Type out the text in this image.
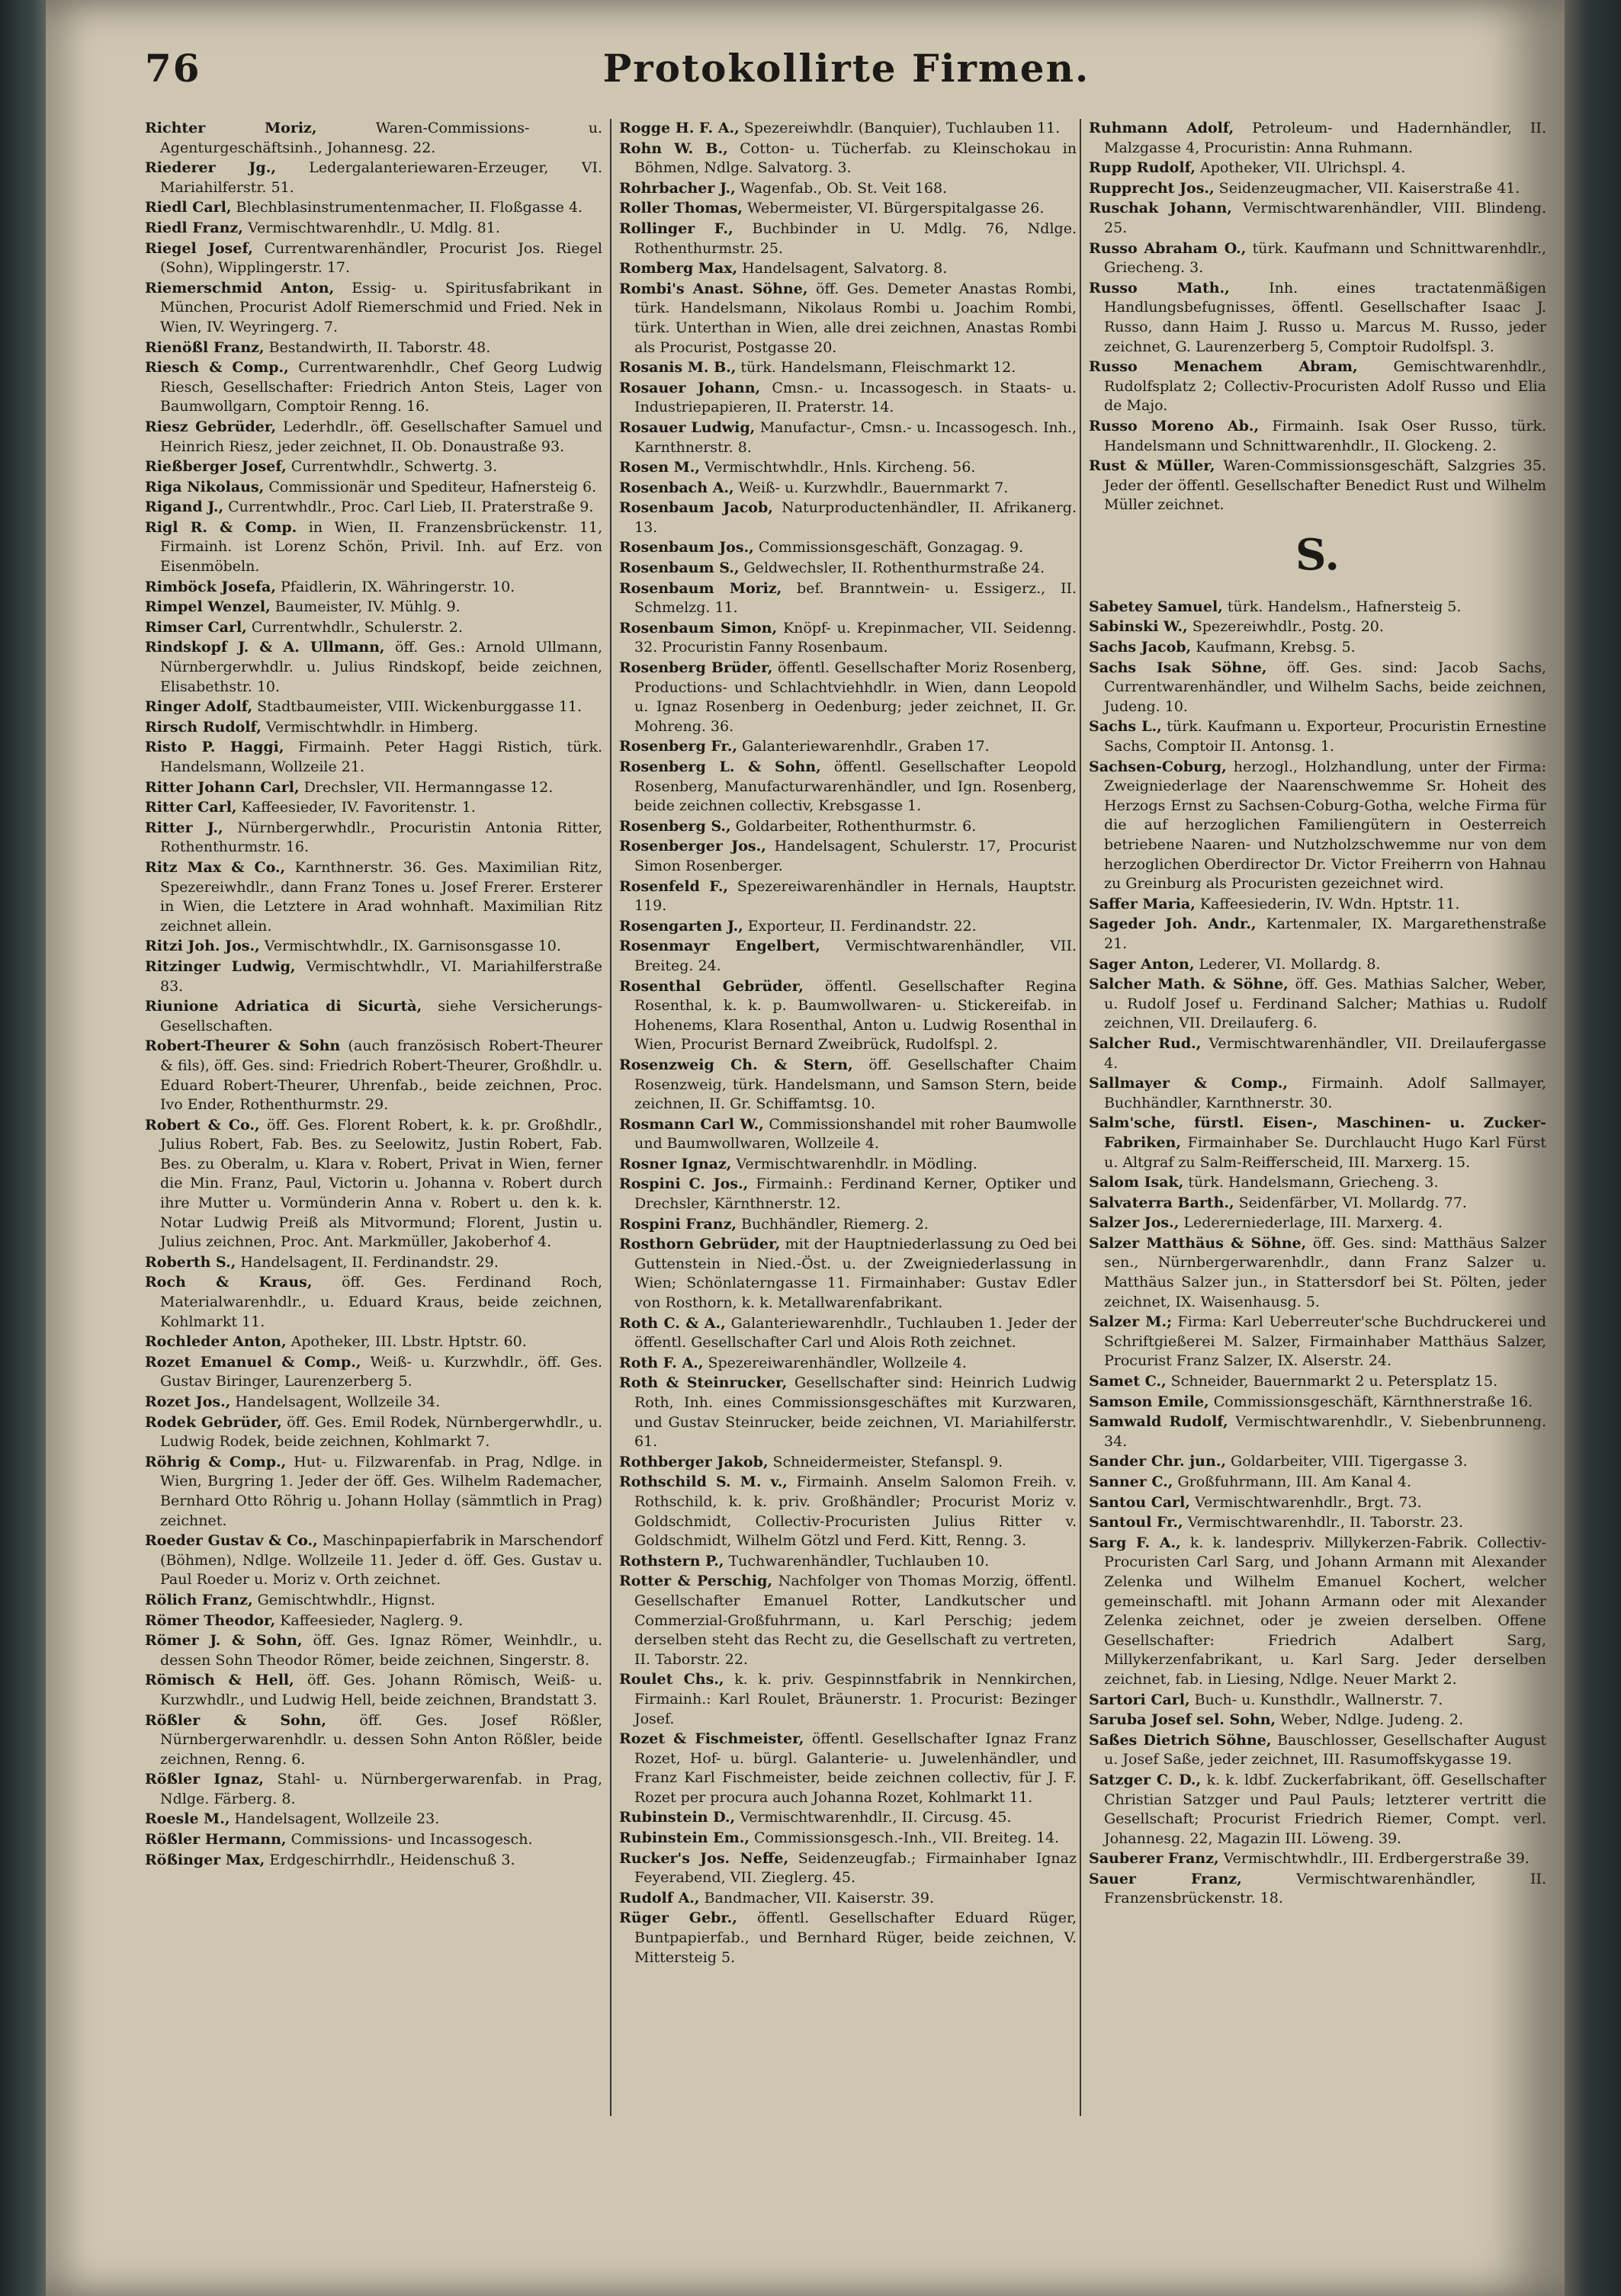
76	Protokollirte Firmen.

Richter Moriz, Waren-Commissions- u. Agenturgeschäftsinh., Johannesg. 22.

Riederer Jg., Ledergalanteriewaren-Erzeuger, VI. Mariahilferstr. 51.

Riedl Carl, Blechblasinstrumentenmacher, II. Floßgasse 4.

Riedl Franz, Vermischtwarenhdlr., U. Mdlg. 81.

Riegel Josef, Currentwarenhändler, Procurist Jos. Riegel (Sohn), Wipplingerstr. 17.

Riemerschmid Anton, Essig- u. Spiritusfabrikant in München, Procurist Adolf Riemerschmid und Fried. Nek in Wien, IV. Weyringerg. 7.

Rienößl Franz, Bestandwirth, II. Taborstr. 48.

Riesch & Comp., Currentwarenhdlr., Chef Georg Ludwig Riesch, Gesellschafter: Friedrich Anton Steis, Lager von Baumwollgarn, Comptoir Renng. 16.

Riesz Gebrüder, Lederhdlr., öff. Gesellschafter Samuel und Heinrich Riesz, jeder zeichnet, II. Ob. Donaustraße 93.

Rießberger Josef, Currentwhdlr., Schwertg. 3.

Riga Nikolaus, Commissionär und Spediteur, Hafnersteig 6.

Rigand J., Currentwhdlr., Proc. Carl Lieb, II. Praterstraße 9.

Rigl R. & Comp. in Wien, II. Franzensbrückenstr. 11, Firmainh. ist Lorenz Schön, Privil. Inh. auf Erz. von Eisenmöbeln.

Rimböck Josefa, Pfaidlerin, IX. Währingerstr. 10.

Rimpel Wenzel, Baumeister, IV. Mühlg. 9.

Rimser Carl, Currentwhdlr., Schulerstr. 2.

Rindskopf J. & A. Ullmann, öff. Ges.: Arnold Ullmann, Nürnbergerwhdlr. u. Julius Rindskopf, beide zeichnen, Elisabethstr. 10.

Ringer Adolf, Stadtbaumeister, VIII. Wickenburggasse 11.

Rirsch Rudolf, Vermischtwhdlr. in Himberg.

Risto P. Haggi, Firmainh. Peter Haggi Ristich, türk. Handelsmann, Wollzeile 21.

Ritter Johann Carl, Drechsler, VII. Hermanngasse 12.

Ritter Carl, Kaffeesieder, IV. Favoritenstr. 1.

Ritter J., Nürnbergerwhdlr., Procuristin Antonia Ritter, Rothenthurmstr. 16.

Ritz Max & Co., Karnthnerstr. 36. Ges. Maximilian Ritz, Spezereiwhdlr., dann Franz Tones u. Josef Frerer. Ersterer in Wien, die Letztere in Arad wohnhaft. Maximilian Ritz zeichnet allein.

Ritzi Joh. Jos., Vermischtwhdlr., IX. Garnisonsgasse 10.

Ritzinger Ludwig, Vermischtwhdlr., VI. Mariahilferstraße 83.

Riunione Adriatica di Sicurtà, siehe Versicherungs-Gesellschaften.

Robert-Theurer & Sohn (auch französisch Robert-Theurer & fils), öff. Ges. sind: Friedrich Robert-Theurer, Großhdlr. u. Eduard Robert-Theurer, Uhrenfab., beide zeichnen, Proc. Ivo Ender, Rothenthurmstr. 29.

Robert & Co., öff. Ges. Florent Robert, k. k. pr. Großhdlr., Julius Robert, Fab. Bes. zu Seelowitz, Justin Robert, Fab. Bes. zu Oberalm, u. Klara v. Robert, Privat in Wien, ferner die Min. Franz, Paul, Victorin u. Johanna v. Robert durch ihre Mutter u. Vormünderin Anna v. Robert u. den k. k. Notar Ludwig Preiß als Mitvormund; Florent, Justin u. Julius zeichnen, Proc. Ant. Markmüller, Jakoberhof 4.

Roberth S., Handelsagent, II. Ferdinandstr. 29.

Roch & Kraus, öff. Ges. Ferdinand Roch, Materialwarenhdlr., u. Eduard Kraus, beide zeichnen, Kohlmarkt 11.

Rochleder Anton, Apotheker, III. Lbstr. Hptstr. 60.

Rozet Emanuel & Comp., Weiß- u. Kurzwhdlr., öff. Ges. Gustav Biringer, Laurenzerberg 5.

Rozet Jos., Handelsagent, Wollzeile 34.

Rodek Gebrüder, öff. Ges. Emil Rodek, Nürnbergerwhdlr., u. Ludwig Rodek, beide zeichnen, Kohlmarkt 7.

Röhrig & Comp., Hut- u. Filzwarenfab. in Prag, Ndlge. in Wien, Burgring 1. Jeder der öff. Ges. Wilhelm Rademacher, Bernhard Otto Röhrig u. Johann Hollay (sämmtlich in Prag) zeichnet.

Roeder Gustav & Co., Maschinpapierfabrik in Marschendorf (Böhmen), Ndlge. Wollzeile 11. Jeder d. öff. Ges. Gustav u. Paul Roeder u. Moriz v. Orth zeichnet.

Rölich Franz, Gemischtwhdlr., Hignst.

Römer Theodor, Kaffeesieder, Naglerg. 9.

Römer J. & Sohn, öff. Ges. Ignaz Römer, Weinhdlr., u. dessen Sohn Theodor Römer, beide zeichnen, Singerstr. 8.

Römisch & Hell, öff. Ges. Johann Römisch, Weiß- u. Kurzwhdlr., und Ludwig Hell, beide zeichnen, Brandstatt 3.

Rößler & Sohn, öff. Ges. Josef Rößler, Nürnbergerwarenhdlr. u. dessen Sohn Anton Rößler, beide zeichnen, Renng. 6.

Rößler Ignaz, Stahl- u. Nürnbergerwarenfab. in Prag, Ndlge. Färberg. 8.

Roesle M., Handelsagent, Wollzeile 23.

Rößler Hermann, Commissions- und Incassogesch.

Rößinger Max, Erdgeschirrhdlr., Heidenschuß 3.

Rogge H. F. A., Spezereiwhdlr. (Banquier), Tuchlauben 11.

Rohn W. B., Cotton- u. Tücherfab. zu Kleinschokau in Böhmen, Ndlge. Salvatorg. 3.

Rohrbacher J., Wagenfab., Ob. St. Veit 168.

Roller Thomas, Webermeister, VI. Bürgerspitalgasse 26.

Rollinger F., Buchbinder in U. Mdlg. 76, Ndlge. Rothenthurmstr. 25.

Romberg Max, Handelsagent, Salvatorg. 8.

Rombi's Anast. Söhne, öff. Ges. Demeter Anastas Rombi, türk. Handelsmann, Nikolaus Rombi u. Joachim Rombi, türk. Unterthan in Wien, alle drei zeichnen, Anastas Rombi als Procurist, Postgasse 20.

Rosanis M. B., türk. Handelsmann, Fleischmarkt 12.

Rosauer Johann, Cmsn.- u. Incassogesch. in Staats- u. Industriepapieren, II. Praterstr. 14.

Rosauer Ludwig, Manufactur-, Cmsn.- u. Incassogesch. Inh., Karnthnerstr. 8.

Rosen M., Vermischtwhdlr., Hnls. Kircheng. 56.

Rosenbach A., Weiß- u. Kurzwhdlr., Bauernmarkt 7.

Rosenbaum Jacob, Naturproductenhändler, II. Afrikanerg. 13.

Rosenbaum Jos., Commissionsgeschäft, Gonzagag. 9.

Rosenbaum S., Geldwechsler, II. Rothenthurmstraße 24.

Rosenbaum Moriz, bef. Branntwein- u. Essigerz., II. Schmelzg. 11.

Rosenbaum Simon, Knöpf- u. Krepinmacher, VII. Seidenng. 32. Procuristin Fanny Rosenbaum.

Rosenberg Brüder, öffentl. Gesellschafter Moriz Rosenberg, Productions- und Schlachtviehhdlr. in Wien, dann Leopold u. Ignaz Rosenberg in Oedenburg; jeder zeichnet, II. Gr. Mohreng. 36.

Rosenberg Fr., Galanteriewarenhdlr., Graben 17.

Rosenberg L. & Sohn, öffentl. Gesellschafter Leopold Rosenberg, Manufacturwarenhändler, und Ign. Rosenberg, beide zeichnen collectiv, Krebsgasse 1.

Rosenberg S., Goldarbeiter, Rothenthurmstr. 6.

Rosenberger Jos., Handelsagent, Schulerstr. 17, Procurist Simon Rosenberger.

Rosenfeld F., Spezereiwarenhändler in Hernals, Hauptstr. 119.

Rosengarten J., Exporteur, II. Ferdinandstr. 22.

Rosenmayr Engelbert, Vermischtwarenhändler, VII. Breiteg. 24.

Rosenthal Gebrüder, öffentl. Gesellschafter Regina Rosenthal, k. k. p. Baumwollwaren- u. Stickereifab. in Hohenems, Klara Rosenthal, Anton u. Ludwig Rosenthal in Wien, Procurist Bernard Zweibrück, Rudolfspl. 2.

Rosenzweig Ch. & Stern, öff. Gesellschafter Chaim Rosenzweig, türk. Handelsmann, und Samson Stern, beide zeichnen, II. Gr. Schiffamtsg. 10.

Rosmann Carl W., Commissionshandel mit roher Baumwolle und Baumwollwaren, Wollzeile 4.

Rosner Ignaz, Vermischtwarenhdlr. in Mödling.

Rospini C. Jos., Firmainh.: Ferdinand Kerner, Optiker und Drechsler, Kärnthnerstr. 12.

Rospini Franz, Buchhändler, Riemerg. 2.

Rosthorn Gebrüder, mit der Hauptniederlassung zu Oed bei Guttenstein in Nied.-Öst. u. der Zweigniederlassung in Wien; Schönlaterngasse 11. Firmainhaber: Gustav Edler von Rosthorn, k. k. Metallwarenfabrikant.

Roth C. & A., Galanteriewarenhdlr., Tuchlauben 1. Jeder der öffentl. Gesellschafter Carl und Alois Roth zeichnet.

Roth F. A., Spezereiwarenhändler, Wollzeile 4.

Roth & Steinrucker, Gesellschafter sind: Heinrich Ludwig Roth, Inh. eines Commissionsgeschäftes mit Kurzwaren, und Gustav Steinrucker, beide zeichnen, VI. Mariahilferstr. 61.

Rothberger Jakob, Schneidermeister, Stefanspl. 9.

Rothschild S. M. v., Firmainh. Anselm Salomon Freih. v. Rothschild, k. k. priv. Großhändler; Procurist Moriz v. Goldschmidt, Collectiv-Procuristen Julius Ritter v. Goldschmidt, Wilhelm Götzl und Ferd. Kitt, Renng. 3.

Rothstern P., Tuchwarenhändler, Tuchlauben 10.

Rotter & Perschig, Nachfolger von Thomas Morzig, öffentl. Gesellschafter Emanuel Rotter, Landkutscher und Commerzial-Großfuhrmann, u. Karl Perschig; jedem derselben steht das Recht zu, die Gesellschaft zu vertreten, II. Taborstr. 22.

Roulet Chs., k. k. priv. Gespinnstfabrik in Nennkirchen, Firmainh.: Karl Roulet, Bräunerstr. 1. Procurist: Bezinger Josef.

Rozet & Fischmeister, öffentl. Gesellschafter Ignaz Franz Rozet, Hof- u. bürgl. Galanterie- u. Juwelenhändler, und Franz Karl Fischmeister, beide zeichnen collectiv, für J. F. Rozet per procura auch Johanna Rozet, Kohlmarkt 11.

Rubinstein D., Vermischtwarenhdlr., II. Circusg. 45.

Rubinstein Em., Commissionsgesch.-Inh., VII. Breiteg. 14.

Rucker's Jos. Neffe, Seidenzeugfab.; Firmainhaber Ignaz Feyerabend, VII. Zieglerg. 45.

Rudolf A., Bandmacher, VII. Kaiserstr. 39.

Rüger Gebr., öffentl. Gesellschafter Eduard Rüger, Buntpapierfab., und Bernhard Rüger, beide zeichnen, V. Mittersteig 5.

Ruhmann Adolf, Petroleum- und Hadernhändler, II. Malzgasse 4, Procuristin: Anna Ruhmann.

Rupp Rudolf, Apotheker, VII. Ulrichspl. 4.

Rupprecht Jos., Seidenzeugmacher, VII. Kaiserstraße 41.

Ruschak Johann, Vermischtwarenhändler, VIII. Blindeng. 25.

Russo Abraham O., türk. Kaufmann und Schnittwarenhdlr., Griecheng. 3.

Russo Math., Inh. eines tractatenmäßigen Handlungsbefugnisses, öffentl. Gesellschafter Isaac J. Russo, dann Haim J. Russo u. Marcus M. Russo, jeder zeichnet, G. Laurenzerberg 5, Comptoir Rudolfspl. 3.

Russo Menachem Abram, Gemischtwarenhdlr., Rudolfsplatz 2; Collectiv-Procuristen Adolf Russo und Elia de Majo.

Russo Moreno Ab., Firmainh. Isak Oser Russo, türk. Handelsmann und Schnittwarenhdlr., II. Glockeng. 2.

Rust & Müller, Waren-Commissionsgeschäft, Salzgries 35. Jeder der öffentl. Gesellschafter Benedict Rust und Wilhelm Müller zeichnet.

S.

Sabetey Samuel, türk. Handelsm., Hafnersteig 5.

Sabinski W., Spezereiwhdlr., Postg. 20.

Sachs Jacob, Kaufmann, Krebsg. 5.

Sachs Isak Söhne, öff. Ges. sind: Jacob Sachs, Currentwarenhändler, und Wilhelm Sachs, beide zeichnen, Judeng. 10.

Sachs L., türk. Kaufmann u. Exporteur, Procuristin Ernestine Sachs, Comptoir II. Antonsg. 1.

Sachsen-Coburg, herzogl., Holzhandlung, unter der Firma: Zweigniederlage der Naarenschwemme Sr. Hoheit des Herzogs Ernst zu Sachsen-Coburg-Gotha, welche Firma für die auf herzoglichen Familiengütern in Oesterreich betriebene Naaren- und Nutzholzschwemme nur von dem herzoglichen Oberdirector Dr. Victor Freiherrn von Hahnau zu Greinburg als Procuristen gezeichnet wird.

Saffer Maria, Kaffeesiederin, IV. Wdn. Hptstr. 11.

Sageder Joh. Andr., Kartenmaler, IX. Margarethenstraße 21.

Sager Anton, Lederer, VI. Mollardg. 8.

Salcher Math. & Söhne, öff. Ges. Mathias Salcher, Weber, u. Rudolf Josef u. Ferdinand Salcher; Mathias u. Rudolf zeichnen, VII. Dreilauferg. 6.

Salcher Rud., Vermischtwarenhändler, VII. Dreilaufergasse 4.

Sallmayer & Comp., Firmainh. Adolf Sallmayer, Buchhändler, Karnthnerstr. 30.

Salm'sche, fürstl. Eisen-, Maschinen- u. Zucker-Fabriken, Firmainhaber Se. Durchlaucht Hugo Karl Fürst u. Altgraf zu Salm-Reifferscheid, III. Marxerg. 15.

Salom Isak, türk. Handelsmann, Griecheng. 3.

Salvaterra Barth., Seidenfärber, VI. Mollardg. 77.

Salzer Jos., Ledererniederlage, III. Marxerg. 4.

Salzer Matthäus & Söhne, öff. Ges. sind: Matthäus Salzer sen., Nürnbergerwarenhdlr., dann Franz Salzer u. Matthäus Salzer jun., in Stattersdorf bei St. Pölten, jeder zeichnet, IX. Waisenhausg. 5.

Salzer M.; Firma: Karl Ueberreuter'sche Buchdruckerei und Schriftgießerei M. Salzer, Firmainhaber Matthäus Salzer, Procurist Franz Salzer, IX. Alserstr. 24.

Samet C., Schneider, Bauernmarkt 2 u. Petersplatz 15.

Samson Emile, Commissionsgeschäft, Kärnthnerstraße 16.

Samwald Rudolf, Vermischtwarenhdlr., V. Siebenbrunneng. 34.

Sander Chr. jun., Goldarbeiter, VIII. Tigergasse 3.

Sanner C., Großfuhrmann, III. Am Kanal 4.

Santou Carl, Vermischtwarenhdlr., Brgt. 73.

Santoul Fr., Vermischtwarenhdlr., II. Taborstr. 23.

Sarg F. A., k. k. landespriv. Millykerzen-Fabrik. Collectiv-Procuristen Carl Sarg, und Johann Armann mit Alexander Zelenka und Wilhelm Emanuel Kochert, welcher gemeinschaftl. mit Johann Armann oder mit Alexander Zelenka zeichnet, oder je zweien derselben. Offene Gesellschafter: Friedrich Adalbert Sarg, Millykerzenfabrikant, u. Karl Sarg. Jeder derselben zeichnet, fab. in Liesing, Ndlge. Neuer Markt 2.

Sartori Carl, Buch- u. Kunsthdlr., Wallnerstr. 7.

Saruba Josef sel. Sohn, Weber, Ndlge. Judeng. 2.

Saßes Dietrich Söhne, Bauschlosser, Gesellschafter August u. Josef Saße, jeder zeichnet, III. Rasumoffskygasse 19.

Satzger C. D., k. k. ldbf. Zuckerfabrikant, öff. Gesellschafter Christian Satzger und Paul Pauls; letzterer vertritt die Gesellschaft; Procurist Friedrich Riemer, Compt. verl. Johannesg. 22, Magazin III. Löweng. 39.

Sauberer Franz, Vermischtwhdlr., III. Erdbergerstraße 39.

Sauer Franz, Vermischtwarenhändler, II. Franzensbrückenstr. 18.
